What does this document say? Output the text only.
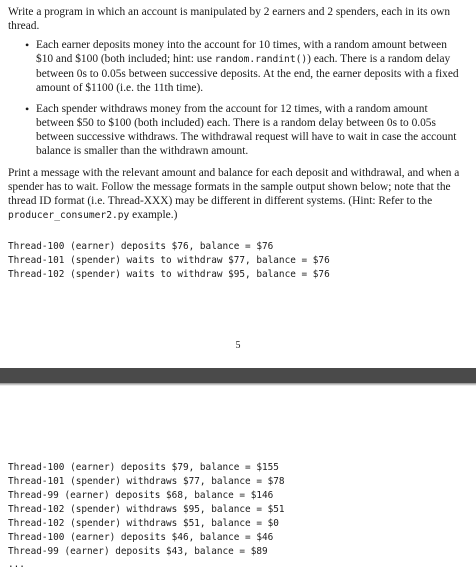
Write a program in which an account is manipulated by 2 earners and 2 spenders, each in its own thread.

• Each earner deposits money into the account for 10 times, with a random amount between $10 and $100 (both included; hint: use random.randint()) each. There is a random delay between 0s to 0.05s between successive deposits. At the end, the earner deposits with a fixed amount of $1100 (i.e. the 11th time).
• Each spender withdraws money from the account for 12 times, with a random amount between $50 to $100 (both included) each. There is a random delay between 0s to 0.05s between successive withdraws. The withdrawal request will have to wait in case the account balance is smaller than the withdrawn amount.

Print a message with the relevant amount and balance for each deposit and withdrawal, and when a spender has to wait. Follow the message formats in the sample output shown below; note that the thread ID format (i.e. Thread-XXX) may be different in different systems. (Hint: Refer to the producer_consumer2.py example.)

Thread-100 (earner) deposits $76, balance = $76
Thread-101 (spender) waits to withdraw $77, balance = $76
Thread-102 (spender) waits to withdraw $95, balance = $76
5
Thread-100 (earner) deposits $79, balance = $155
Thread-101 (spender) withdraws $77, balance = $78
Thread-99 (earner) deposits $68, balance = $146
Thread-102 (spender) withdraws $95, balance = $51
Thread-102 (spender) withdraws $51, balance = $0
Thread-100 (earner) deposits $46, balance = $46
Thread-99 (earner) deposits $43, balance = $89
...
